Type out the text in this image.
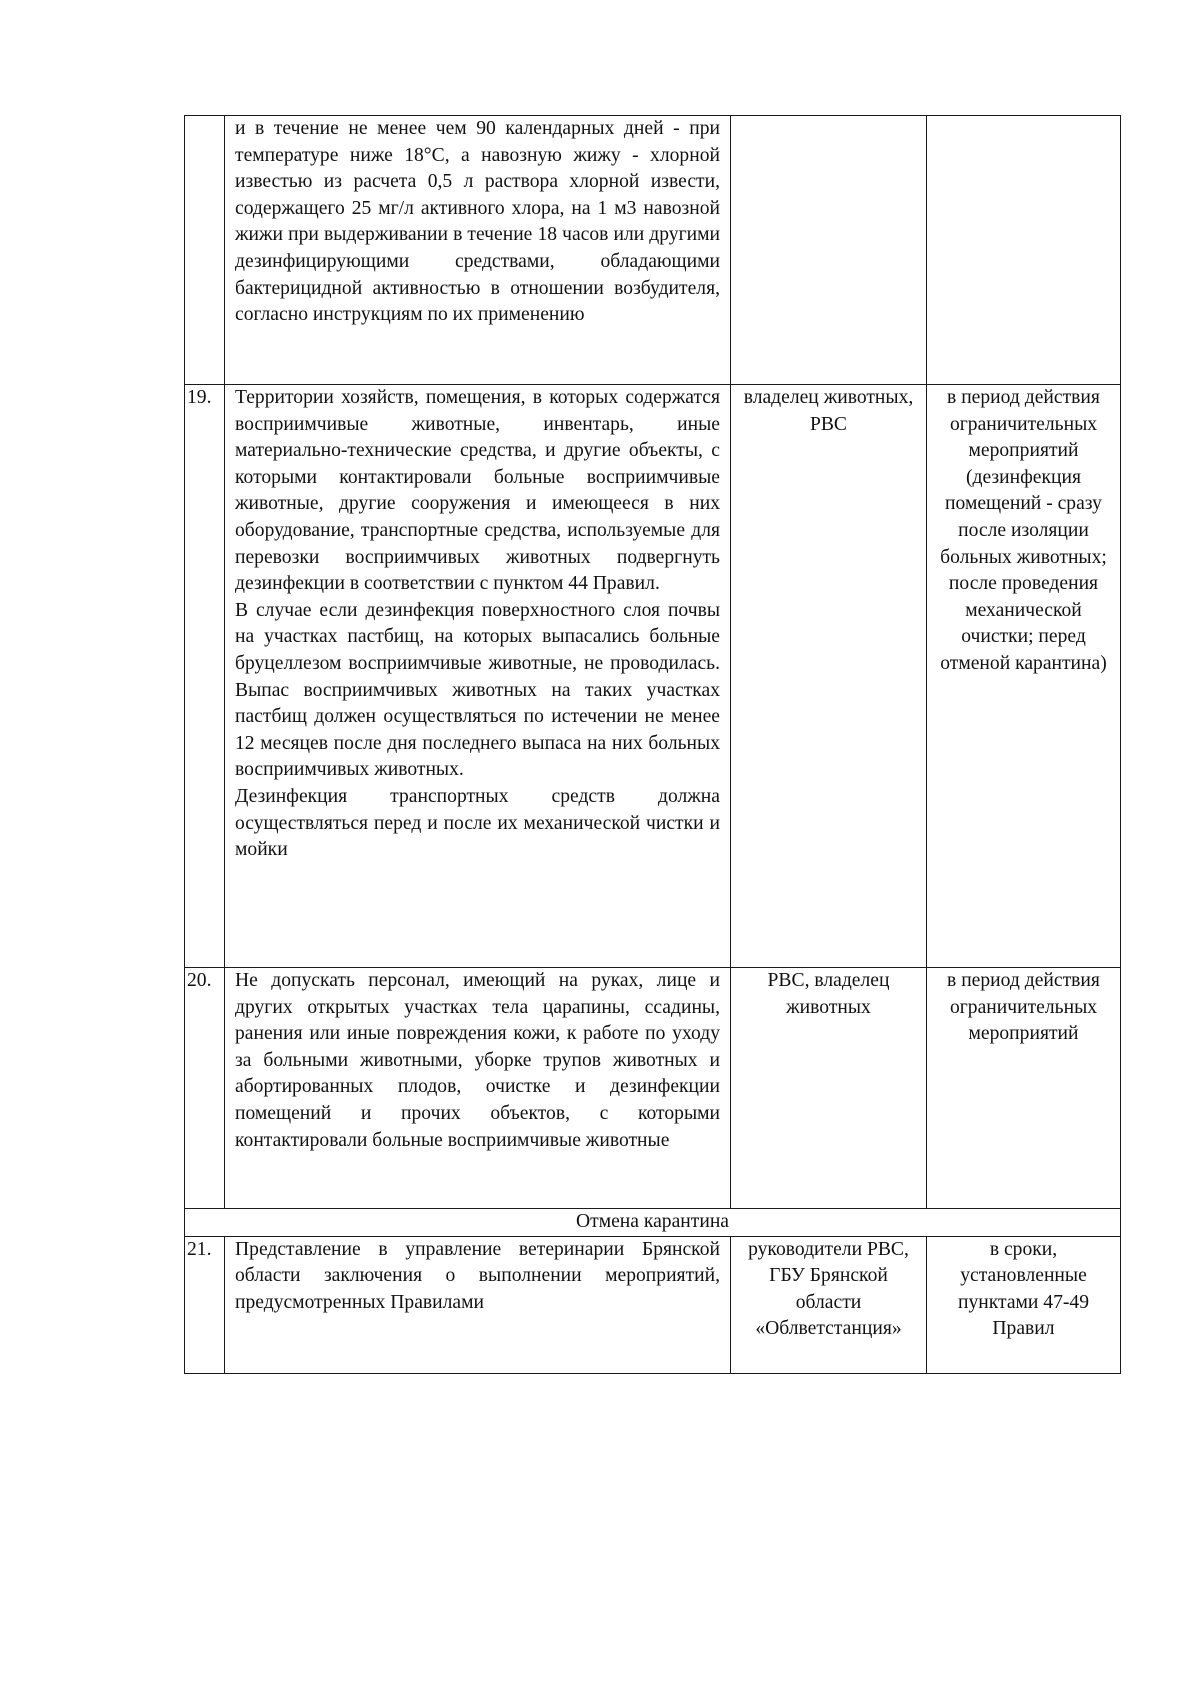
	и в течение не менее чем 90 календарных дней - при температуре ниже 18°С, а навозную жижу - хлорной известью из расчета 0,5 л раствора хлорной извести, содержащего 25 мг/л активного хлора, на 1 м3 навозной жижи при выдерживании в течение 18 часов или другими дезинфицирующими средствами, обладающими бактерицидной активностью в отношении возбудителя, согласно инструкциям по их применению		

19.	Территории хозяйств, помещения, в которых содержатся восприимчивые животные, инвентарь, иные материально-технические средства, и другие объекты, с которыми контактировали больные восприимчивые животные, другие сооружения и имеющееся в них оборудование, транспортные средства, используемые для перевозки восприимчивых животных подвергнуть дезинфекции в соответствии с пунктом 44 Правил.
В случае если дезинфекция поверхностного слоя почвы на участках пастбищ, на которых выпасались больные бруцеллезом восприимчивые животные, не проводилась. Выпас восприимчивых животных на таких участках пастбищ должен осуществляться по истечении не менее 12 месяцев после дня последнего выпаса на них больных восприимчивых животных.
Дезинфекция транспортных средств должна осуществляться перед и после их механической чистки и мойки	владелец животных, РВС	в период действия ограничительных мероприятий (дезинфекция помещений - сразу после изоляции больных животных; после проведения механической очистки; перед отменой карантина)
20.	Не допускать персонал, имеющий на руках, лице и других открытых участках тела царапины, ссадины, ранения или иные повреждения кожи, к работе по уходу за больными животными, уборке трупов животных и абортированных плодов, очистке и дезинфекции помещений и прочих объектов, с которыми контактировали больные восприимчивые животные	РВС, владелец животных	в период действия ограничительных мероприятий
Отмена карантина			
21.	Представление в управление ветеринарии Брянской области заключения о выполнении мероприятий, предусмотренных Правилами	руководители РВС, ГБУ Брянской области «Облветстанция»	в сроки, установленные пунктами 47-49 Правил
